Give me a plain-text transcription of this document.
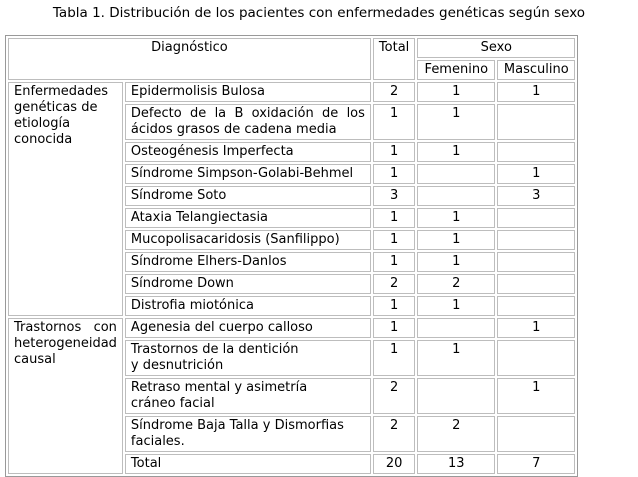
Tabla 1. Distribución de los pacientes con enfermedades genéticas según sexo
Diagnóstico		Total	Sexo	
			Femenino	Masculino
Enfermedades genéticas de etiología conocida	Epidermolisis Bulosa	2	1	1
	Defecto de la B oxidación de los ácidos grasos de cadena media	1	1	
	Osteogénesis Imperfecta	1	1	
	Síndrome Simpson-Golabi-Behmel	1		1
	Síndrome Soto	3		3
	Ataxia Telangiectasia	1	1	
	Mucopolisacaridosis (Sanfilippo)	1	1	
	Síndrome Elhers-Danlos	1	1	
	Síndrome Down	2	2	
	Distrofia miotónica	1	1	
Trastornos con heterogeneidad causal	Agenesia del cuerpo calloso	1		1
	Trastornos de la dentición y desnutrición	1	1	
	Retraso mental y asimetría cráneo facial	2		1
	Síndrome Baja Talla y Dismorfias faciales.	2	2	
	Total	20	13	7
